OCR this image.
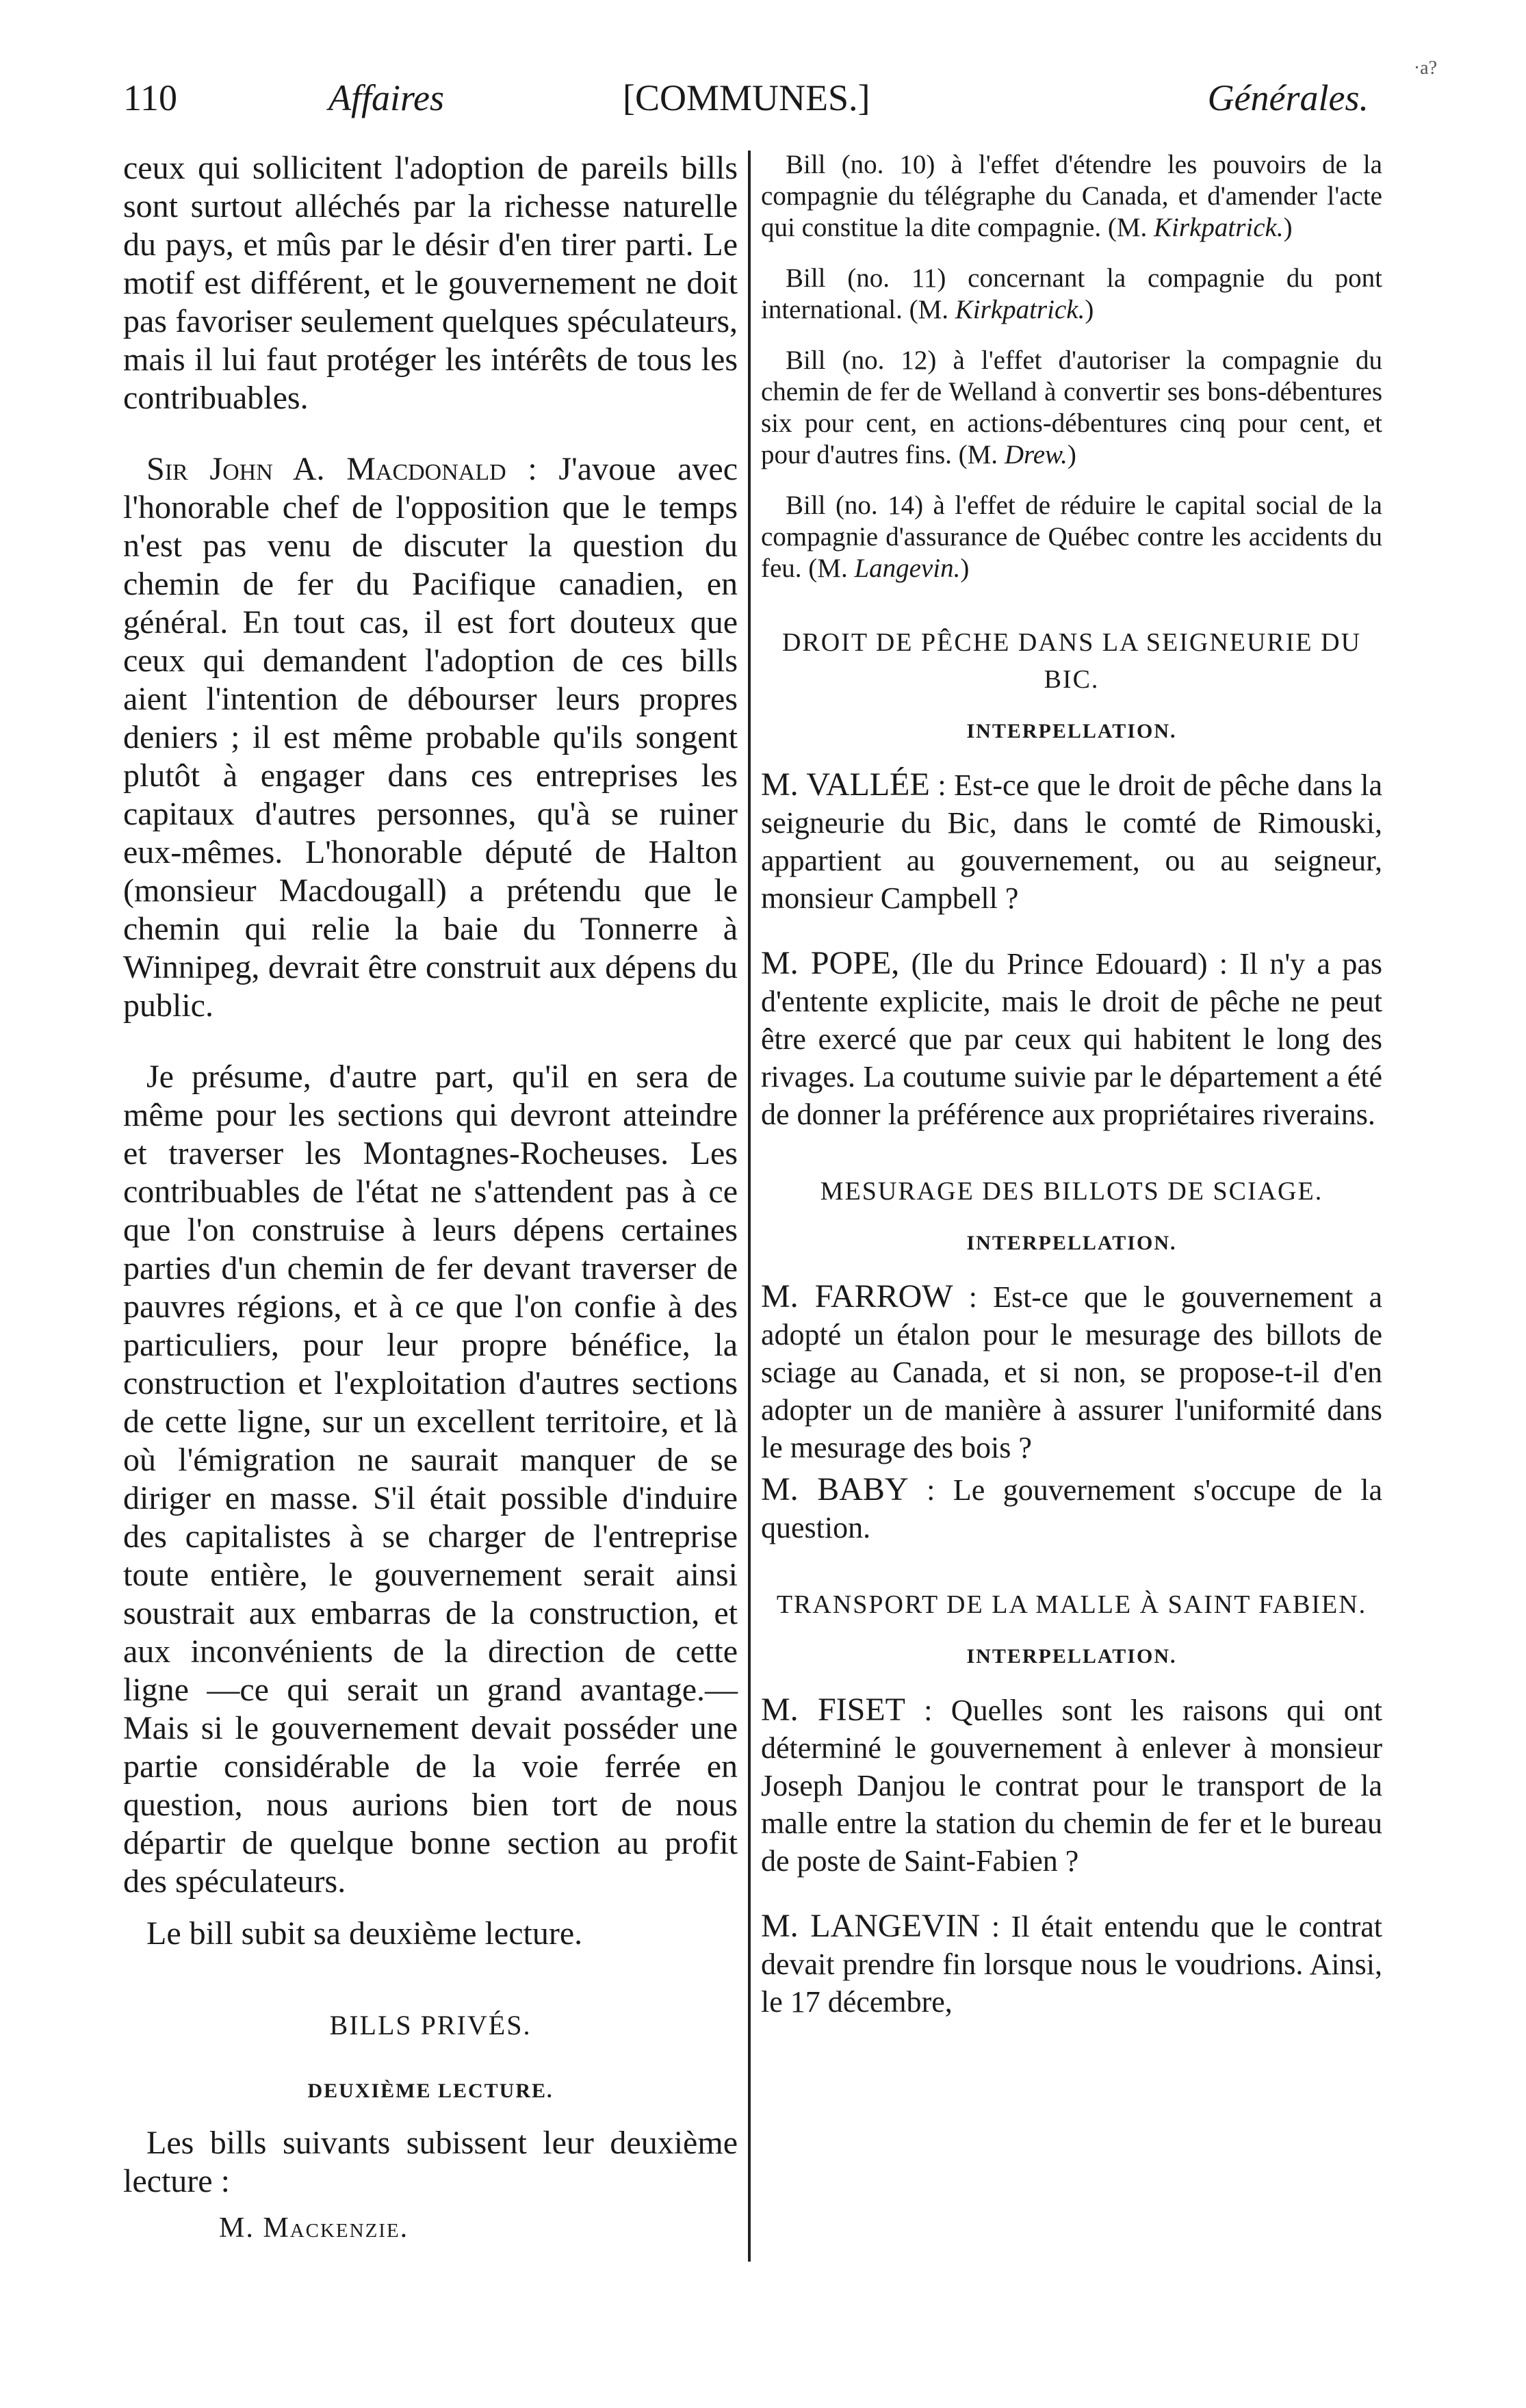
110	Affaires	[COMMUNES.]	Générales.
·a?

ceux qui sollicitent l'adoption de pareils bills sont surtout alléchés par la richesse naturelle du pays, et mûs par le désir d'en tirer parti. Le motif est différent, et le gouvernement ne doit pas favoriser seulement quelques spéculateurs, mais il lui faut protéger les intérêts de tous les contribuables.

Sir John A. Macdonald : J'avoue avec l'honorable chef de l'opposition que le temps n'est pas venu de discuter la question du chemin de fer du Pacifique canadien, en général. En tout cas, il est fort douteux que ceux qui demandent l'adoption de ces bills aient l'intention de débourser leurs propres deniers ; il est même probable qu'ils songent plutôt à engager dans ces entreprises les capitaux d'autres personnes, qu'à se ruiner eux-mêmes. L'honorable député de Halton (monsieur Macdougall) a prétendu que le chemin qui relie la baie du Tonnerre à Winnipeg, devrait être construit aux dépens du public.

Je présume, d'autre part, qu'il en sera de même pour les sections qui devront atteindre et traverser les Montagnes-Rocheuses. Les contribuables de l'état ne s'attendent pas à ce que l'on construise à leurs dépens certaines parties d'un chemin de fer devant traverser de pauvres régions, et à ce que l'on confie à des particuliers, pour leur propre bénéfice, la construction et l'exploitation d'autres sections de cette ligne, sur un excellent territoire, et là où l'émigration ne saurait manquer de se diriger en masse. S'il était possible d'induire des capitalistes à se charger de l'entreprise toute entière, le gouvernement serait ainsi soustrait aux embarras de la construction, et aux inconvénients de la direction de cette ligne —ce qui serait un grand avantage.—Mais si le gouvernement devait posséder une partie considérable de la voie ferrée en question, nous aurions bien tort de nous départir de quelque bonne section au profit des spéculateurs.

Le bill subit sa deuxième lecture.

BILLS PRIVÉS.
DEUXIÈME LECTURE.

Les bills suivants subissent leur deuxième lecture :

M. Mackenzie.

Bill (no. 10) à l'effet d'étendre les pouvoirs de la compagnie du télégraphe du Canada, et d'amender l'acte qui constitue la dite compagnie. (M. Kirkpatrick.)

Bill (no. 11) concernant la compagnie du pont international. (M. Kirkpatrick.)

Bill (no. 12) à l'effet d'autoriser la compagnie du chemin de fer de Welland à convertir ses bons-débentures six pour cent, en actions-débentures cinq pour cent, et pour d'autres fins. (M. Drew.)

Bill (no. 14) à l'effet de réduire le capital social de la compagnie d'assurance de Québec contre les accidents du feu. (M. Langevin.)

DROIT DE PÊCHE DANS LA SEIGNEURIE DU BIC.
INTERPELLATION.

M. VALLÉE : Est-ce que le droit de pêche dans la seigneurie du Bic, dans le comté de Rimouski, appartient au gouvernement, ou au seigneur, monsieur Campbell ?

M. POPE, (Ile du Prince Edouard) : Il n'y a pas d'entente explicite, mais le droit de pêche ne peut être exercé que par ceux qui habitent le long des rivages. La coutume suivie par le département a été de donner la préférence aux propriétaires riverains.

MESURAGE DES BILLOTS DE SCIAGE.
INTERPELLATION.

M. FARROW : Est-ce que le gouvernement a adopté un étalon pour le mesurage des billots de sciage au Canada, et si non, se propose-t-il d'en adopter un de manière à assurer l'uniformité dans le mesurage des bois ?

M. BABY : Le gouvernement s'occupe de la question.

TRANSPORT DE LA MALLE À SAINT FABIEN.
INTERPELLATION.

M. FISET : Quelles sont les raisons qui ont déterminé le gouvernement à enlever à monsieur Joseph Danjou le contrat pour le transport de la malle entre la station du chemin de fer et le bureau de poste de Saint-Fabien ?

M. LANGEVIN : Il était entendu que le contrat devait prendre fin lorsque nous le voudrions. Ainsi, le 17 décembre,
